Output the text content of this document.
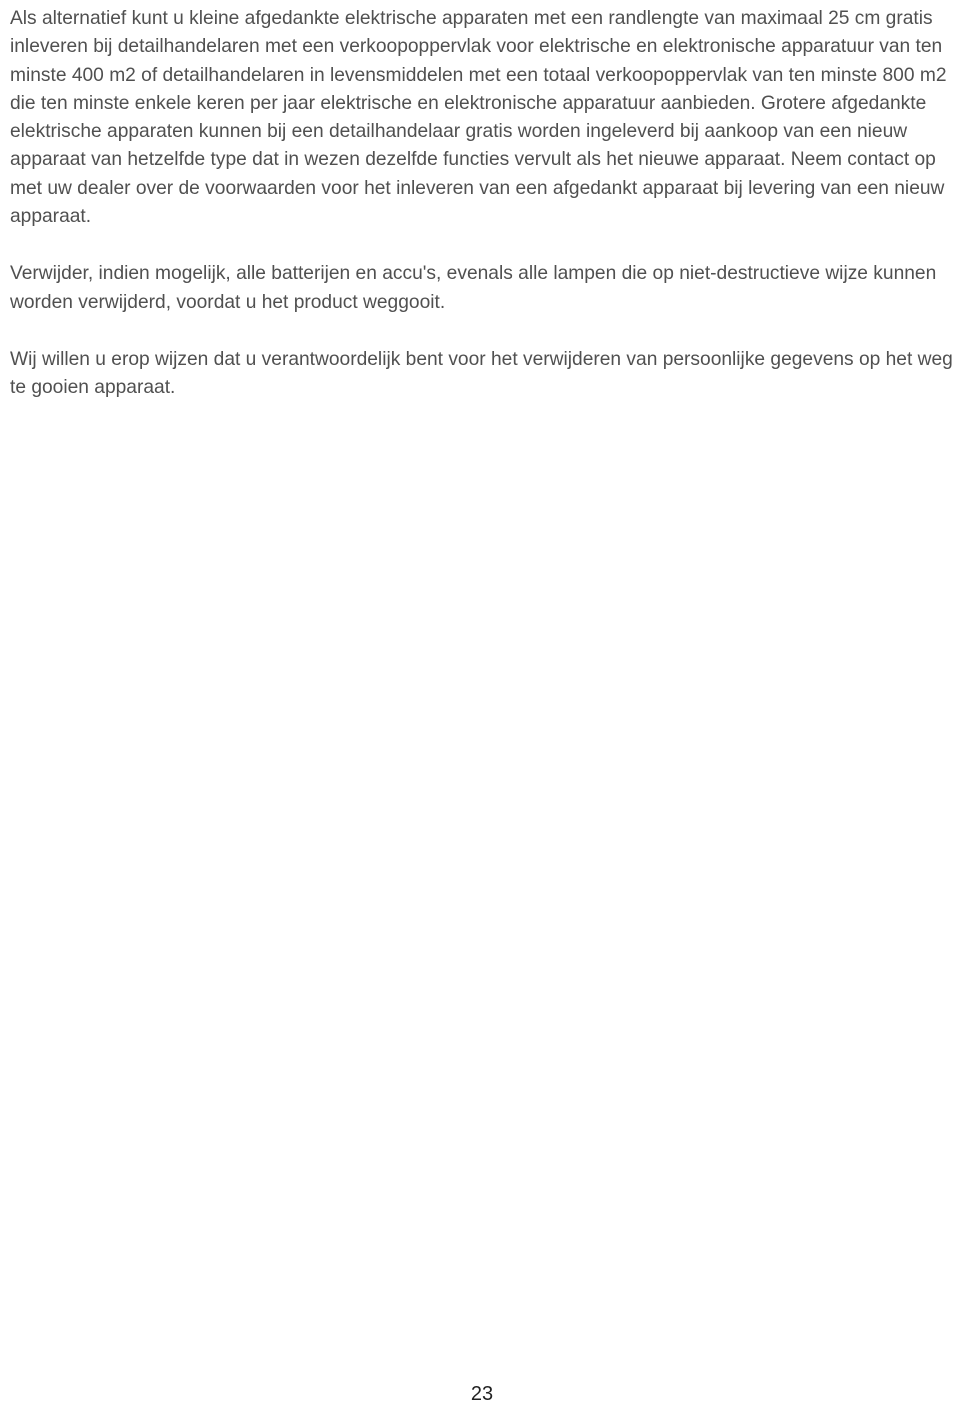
Als alternatief kunt u kleine afgedankte elektrische apparaten met een randlengte van maximaal 25 cm gratis inleveren bij detailhandelaren met een verkoopoppervlak voor elektrische en elektronische apparatuur van ten minste 400 m2 of detailhandelaren in levensmiddelen met een totaal verkoopoppervlak van ten minste 800 m2 die ten minste enkele keren per jaar elektrische en elektronische apparatuur aanbieden. Grotere afgedankte elektrische apparaten kunnen bij een detailhandelaar gratis worden ingeleverd bij aankoop van een nieuw apparaat van hetzelfde type dat in wezen dezelfde functies vervult als het nieuwe apparaat. Neem contact op met uw dealer over de voorwaarden voor het inleveren van een afgedankt apparaat bij levering van een nieuw apparaat.

Verwijder, indien mogelijk, alle batterijen en accu's, evenals alle lampen die op niet-destructieve wijze kunnen worden verwijderd, voordat u het product weggooit.

Wij willen u erop wijzen dat u verantwoordelijk bent voor het verwijderen van persoonlijke gegevens op het weg te gooien apparaat.

23
